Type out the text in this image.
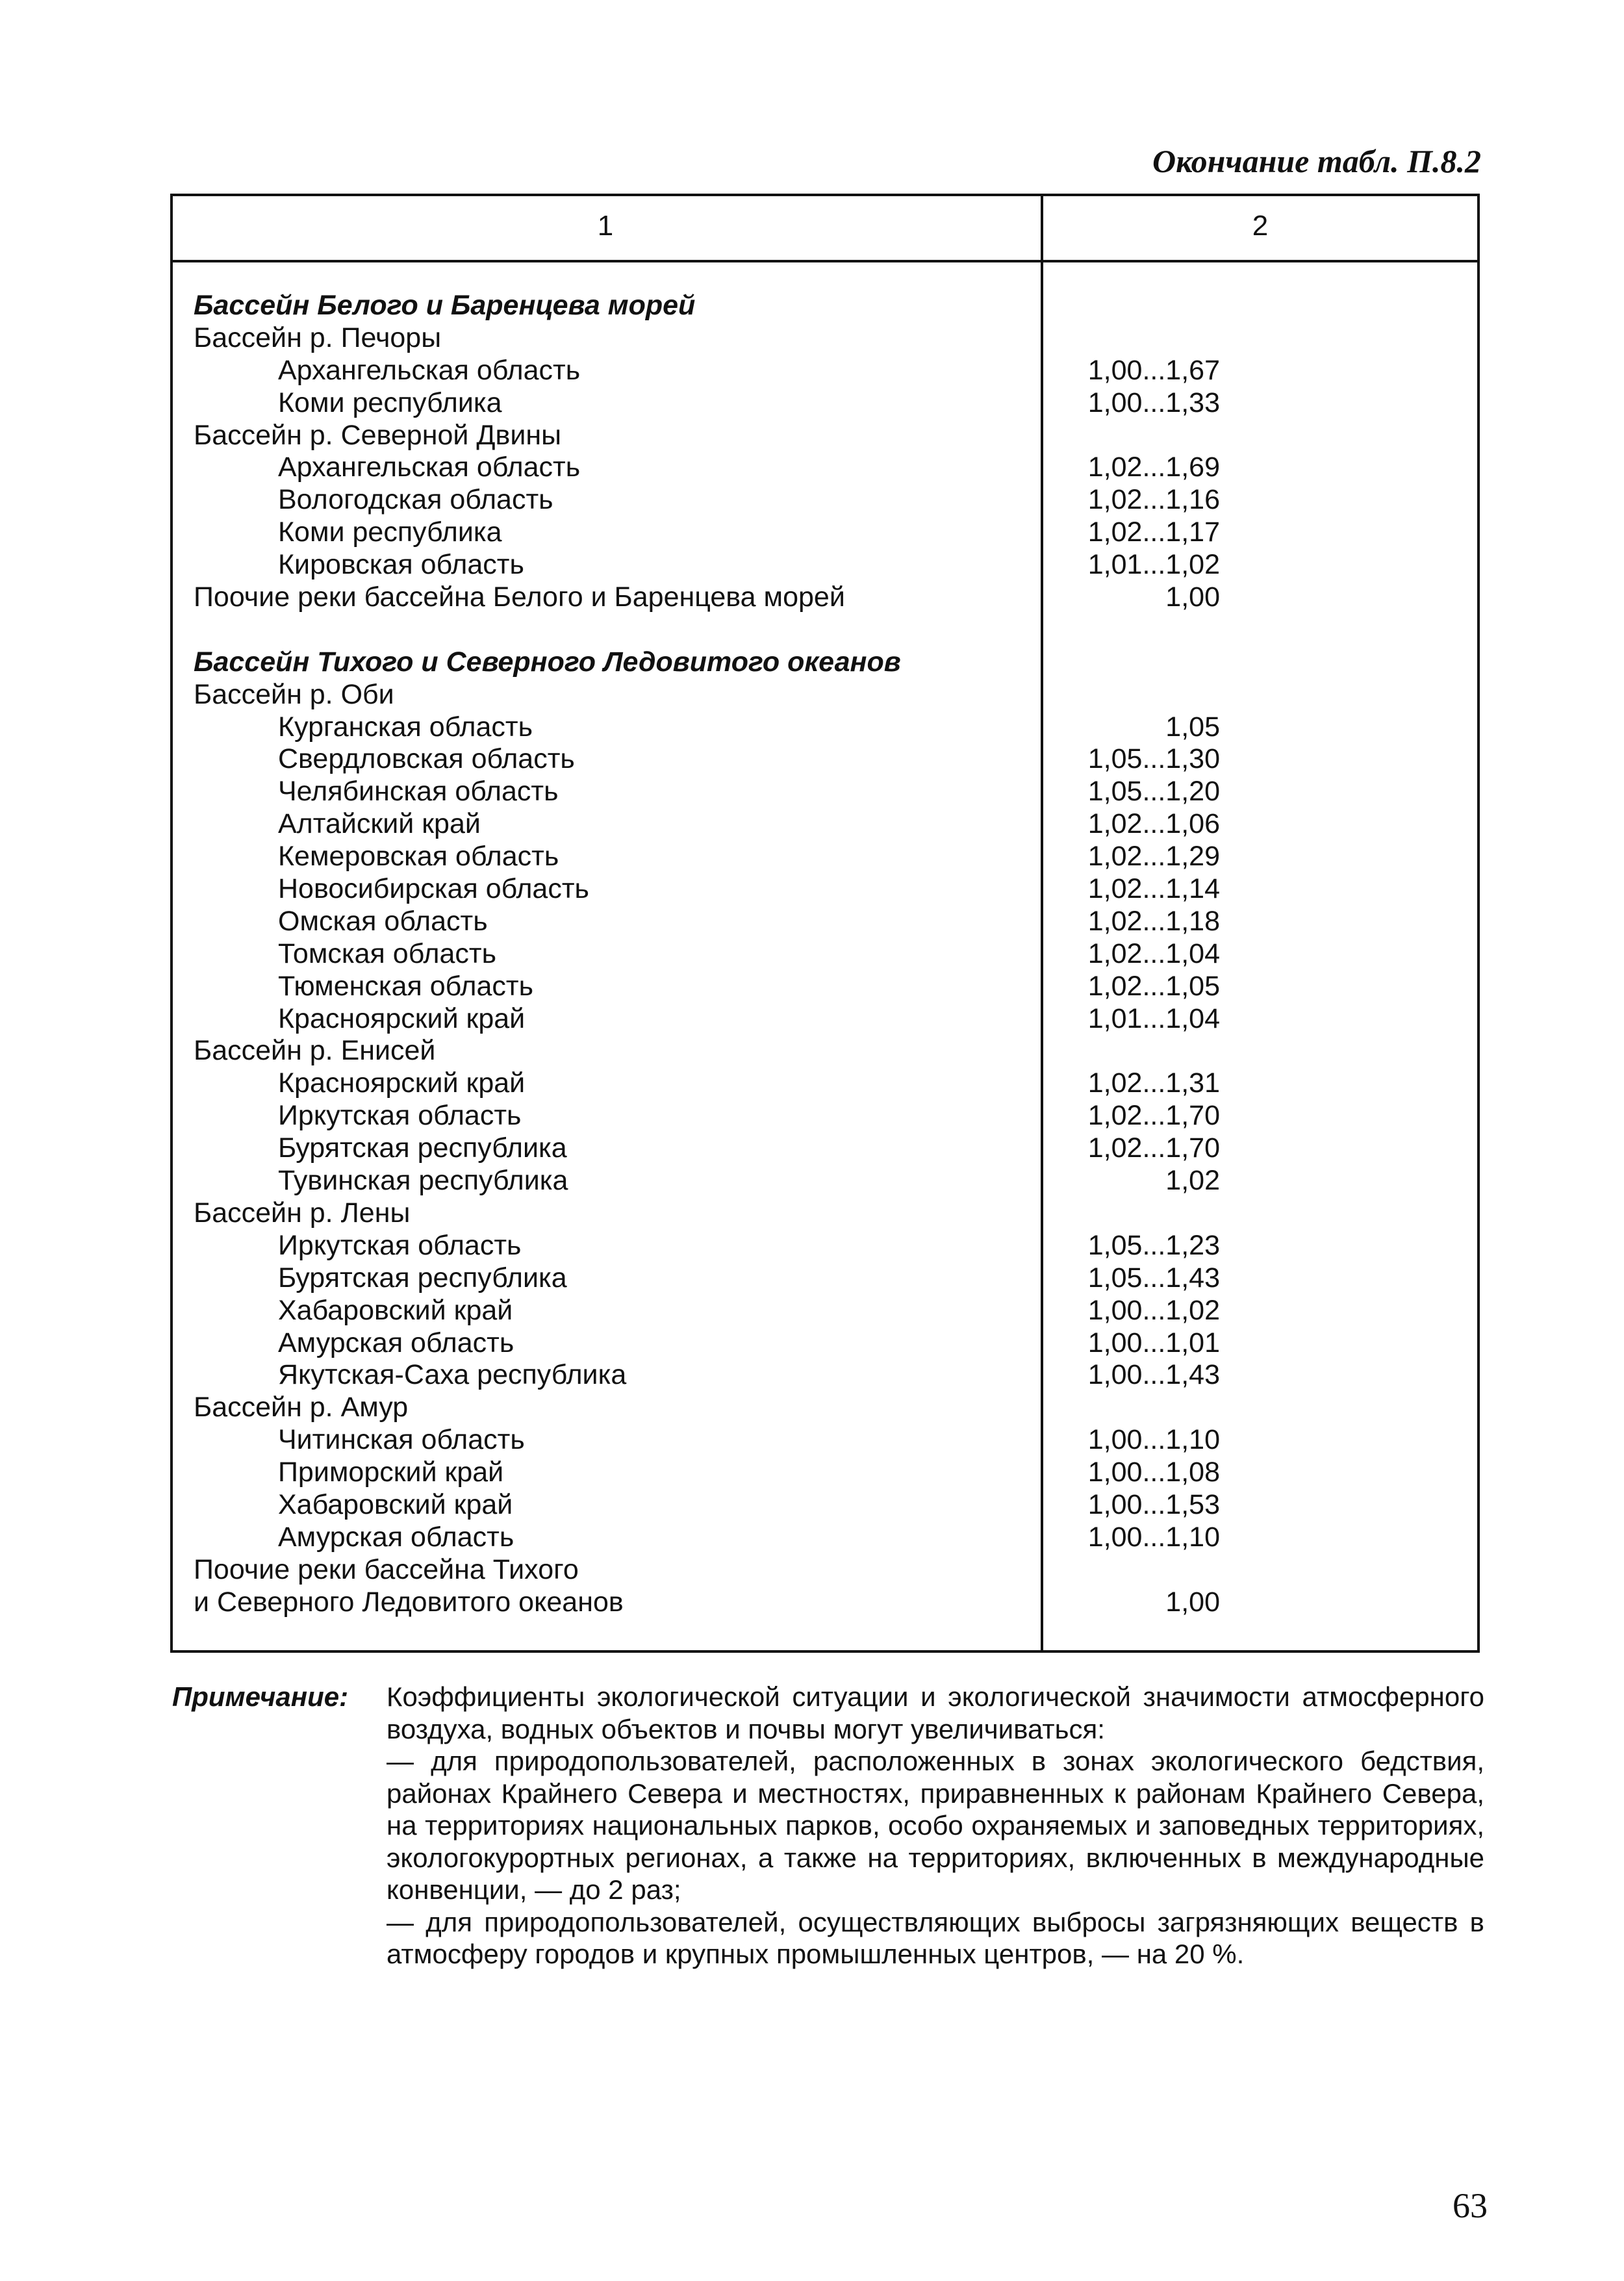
Окончание табл. П.8.2
1	2
Бассейн Белого и Баренцева морей
Бассейн р. Печоры
Архангельская область	1,00...1,67
Коми республика	1,00...1,33
Бассейн р. Северной Двины
Архангельская область	1,02...1,69
Вологодская область	1,02...1,16
Коми республика	1,02...1,17
Кировская область	1,01...1,02
Поочие реки бассейна Белого и Баренцева морей	1,00
Бассейн Тихого и Северного Ледовитого океанов
Бассейн р. Оби
Курганская область	1,05
Свердловская область	1,05...1,30
Челябинская область	1,05...1,20
Алтайский край	1,02...1,06
Кемеровская область	1,02...1,29
Новосибирская область	1,02...1,14
Омская область	1,02...1,18
Томская область	1,02...1,04
Тюменская область	1,02...1,05
Красноярский край	1,01...1,04
Бассейн р. Енисей
Красноярский край	1,02...1,31
Иркутская область	1,02...1,70
Бурятская республика	1,02...1,70
Тувинская республика	1,02
Бассейн р. Лены
Иркутская область	1,05...1,23
Бурятская республика	1,05...1,43
Хабаровский край	1,00...1,02
Амурская область	1,00...1,01
Якутская-Саха республика	1,00...1,43
Бассейн р. Амур
Читинская область	1,00...1,10
Приморский край	1,00...1,08
Хабаровский край	1,00...1,53
Амурская область	1,00...1,10
Поочие реки бассейна Тихого
и Северного Ледовитого океанов	1,00
Примечание: Коэффициенты экологической ситуации и экологической значимости атмосферного воздуха, водных объектов и почвы могут увеличиваться:

— для природопользователей, расположенных в зонах экологического бедствия, районах Крайнего Севера и местностях, приравненных к районам Крайнего Севера, на территориях национальных парков, особо охраняемых и заповедных территориях, экологокурортных регионах, а также на территориях, включенных в международные конвенции, — до 2 раз;

— для природопользователей, осуществляющих выбросы загрязняющих веществ в атмосферу городов и крупных промышленных центров, — на 20 %.

63
